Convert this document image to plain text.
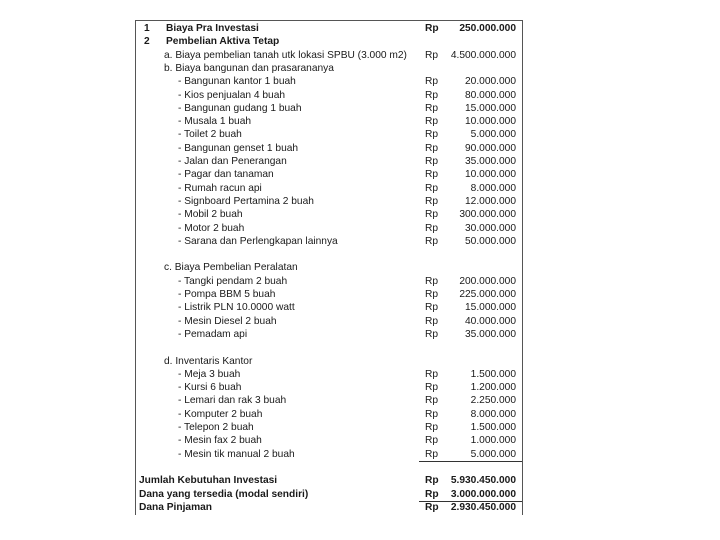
1 Biaya Pra Investasi	Rp 250.000.000
2 Pembelian Aktiva Tetap
a. Biaya pembelian tanah utk lokasi SPBU (3.000 m2) Rp 4.500.000.000
b. Biaya bangunan dan prasarananya
- Bangunan kantor 1 buah	Rp	20.000.000
- Kios penjualan 4 buah	Rp	80.000.000
- Bangunan gudang 1 buah	Rp	15.000.000
- Musala 1 buah	Rp	10.000.000
- Toilet 2 buah	Rp	5.000.000
- Bangunan genset 1 buah	Rp	90.000.000
- Jalan dan Penerangan	Rp	35.000.000
- Pagar dan tanaman	Rp	10.000.000
- Rumah racun api	Rp	8.000.000
- Signboard Pertamina 2 buah	Rp	12.000.000
- Mobil 2 buah	Rp 300.000.000
- Motor 2 buah	Rp	30.000.000
- Sarana dan Perlengkapan lainnya	Rp	50.000.000
c. Biaya Pembelian Peralatan
- Tangki pendam 2 buah	Rp 200.000.000
- Pompa BBM 5 buah	Rp 225.000.000
- Listrik PLN 10.0000 watt	Rp	15.000.000
- Mesin Diesel 2 buah	Rp	40.000.000
- Pemadam api	Rp	35.000.000
d. Inventaris Kantor
- Meja 3 buah	Rp	1.500.000
- Kursi 6 buah	Rp	1.200.000
- Lemari dan rak 3 buah	Rp	2.250.000
- Komputer 2 buah	Rp	8.000.000
- Telepon 2 buah	Rp	1.500.000
- Mesin fax 2 buah	Rp	1.000.000
- Mesin tik manual 2 buah	Rp	5.000.000
Jumlah Kebutuhan Investasi	Rp 5.930.450.000
Dana yang tersedia (modal sendiri)	Rp 3.000.000.000
Dana Pinjaman	Rp 2.930.450.000
